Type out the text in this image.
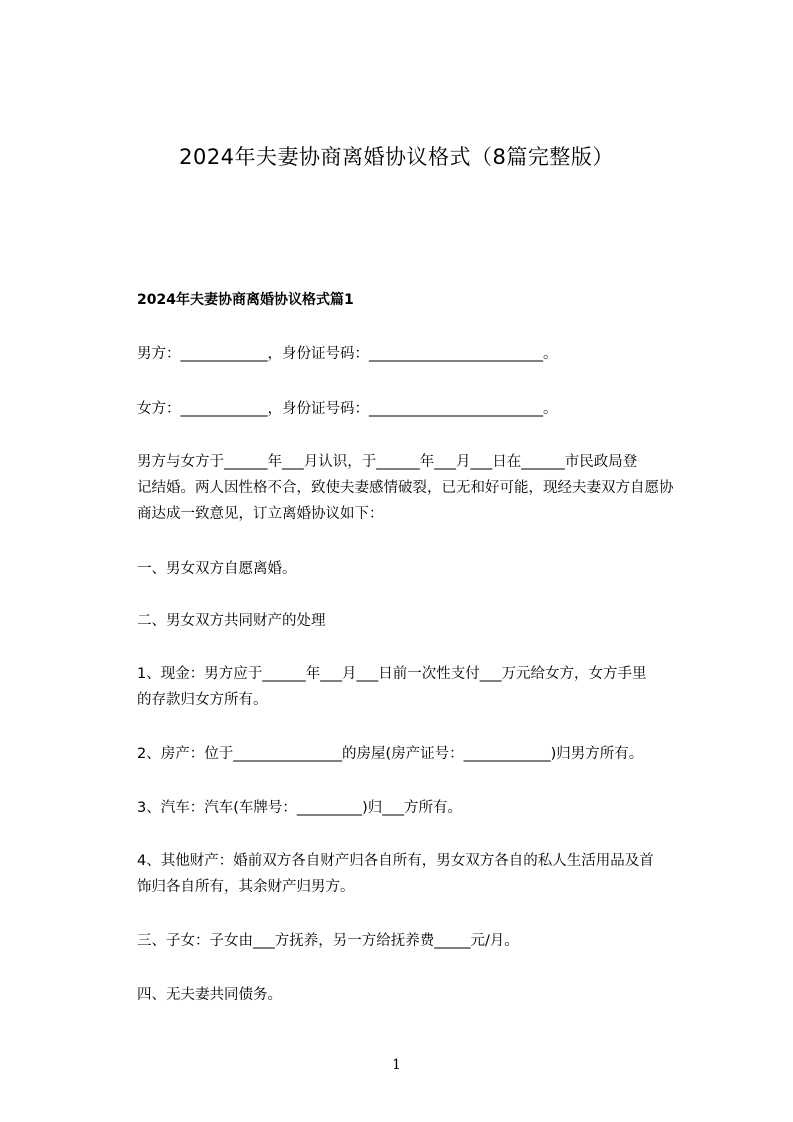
2024年夫妻协商离婚协议格式（8篇完整版）
2024年夫妻协商离婚协议格式篇1
男方：____________，身份证号码：________________________。
女方：____________，身份证号码：________________________。
男方与女方于______年___月认识，于______年___月___日在______市民政局登
记结婚。两人因性格不合，致使夫妻感情破裂，已无和好可能，现经夫妻双方自愿协
商达成一致意见，订立离婚协议如下：
一、男女双方自愿离婚。
二、男女双方共同财产的处理
1、现金：男方应于______年___月___日前一次性支付___万元给女方，女方手里
的存款归女方所有。
2、房产：位于_______________的房屋(房产证号：____________)归男方所有。
3、汽车：汽车(车牌号：_________)归___方所有。
4、其他财产：婚前双方各自财产归各自所有，男女双方各自的私人生活用品及首
饰归各自所有，其余财产归男方。
三、子女：子女由___方抚养，另一方给抚养费_____元/月。
四、无夫妻共同债务。
1
